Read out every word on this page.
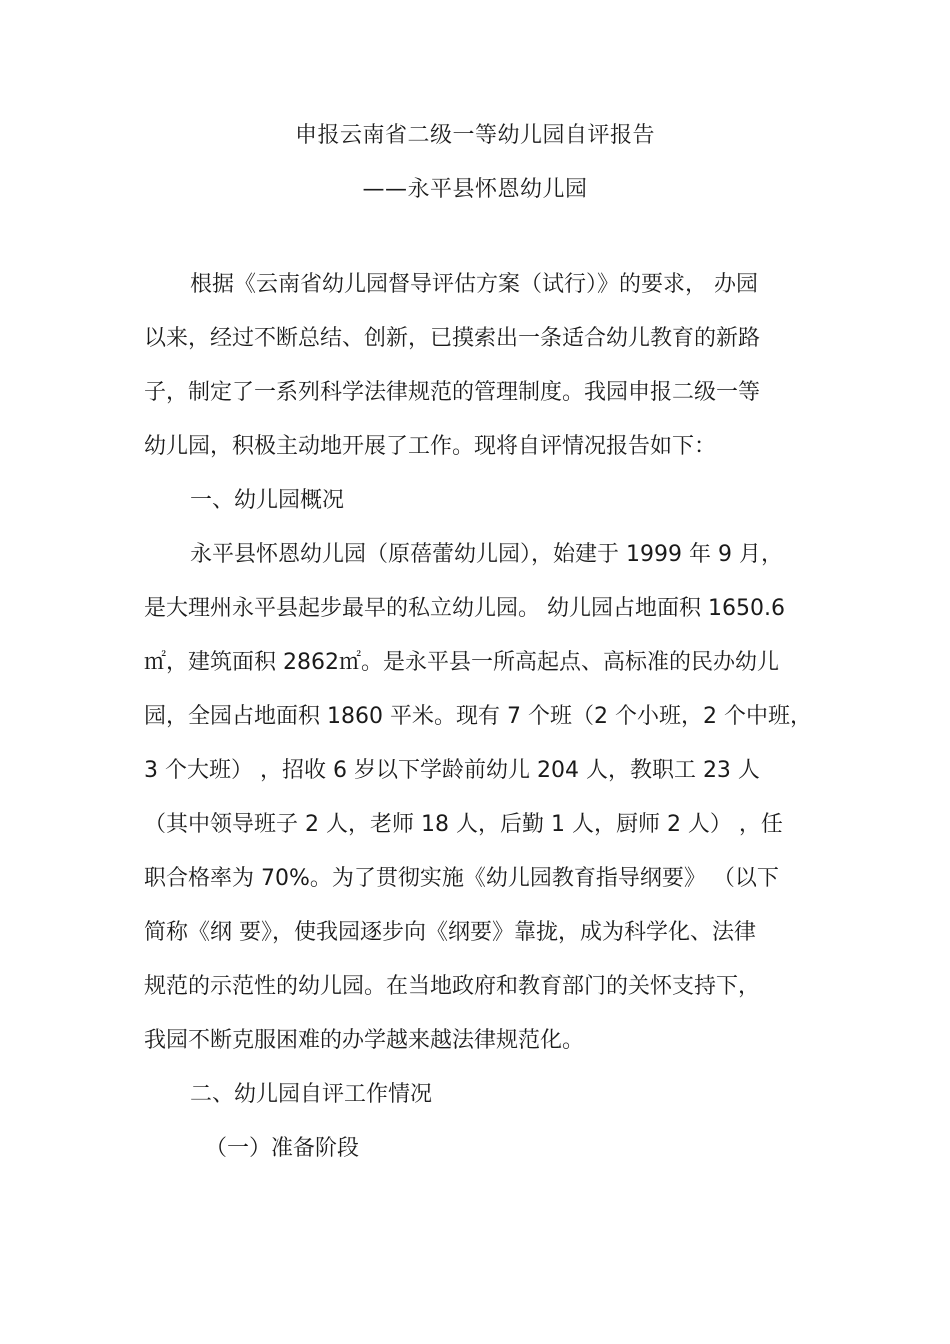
申报云南省二级一等幼儿园自评报告
——永平县怀恩幼儿园

根据《云南省幼儿园督导评估方案（试行）》的要求， 办园

以来，经过不断总结、创新，已摸索出一条适合幼儿教育的新路

子，制定了一系列科学法律规范的管理制度。我园申报二级一等

幼儿园，积极主动地开展了工作。现将自评情况报告如下：

一、幼儿园概况

永平县怀恩幼儿园（原蓓蕾幼儿园），始建于 1999 年 9 月，

是大理州永平县起步最早的私立幼儿园。 幼儿园占地面积 1650.6

㎡，建筑面积 2862㎡。是永平县一所高起点、高标准的民办幼儿

园，全园占地面积 1860 平米。现有 7 个班（2 个小班，2 个中班，

3 个大班） ，招收 6 岁以下学龄前幼儿 204 人，教职工 23 人

（其中领导班子 2 人，老师 18 人，后勤 1 人，厨师 2 人） ，任

职合格率为 70%。为了贯彻实施《幼儿园教育指导纲要》 （以下

简称《纲 要》，使我园逐步向《纲要》靠拢，成为科学化、法律

规范的示范性的幼儿园。在当地政府和教育部门的关怀支持下，

我园不断克服困难的办学越来越法律规范化。

二、幼儿园自评工作情况

（一）准备阶段
